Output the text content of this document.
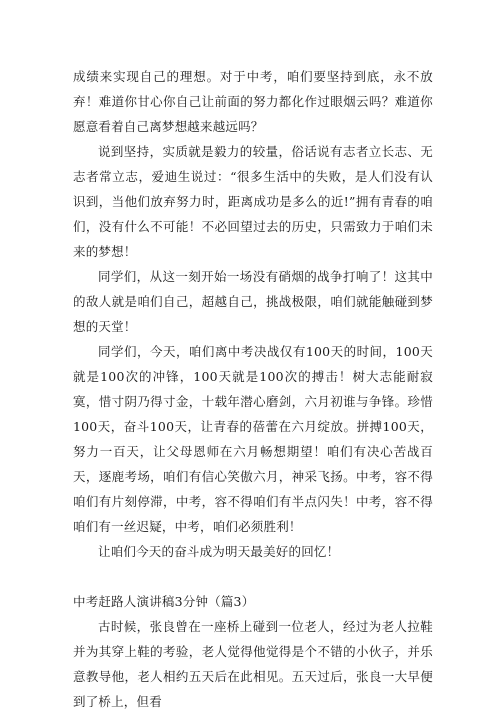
成绩来实现自己的理想。对于中考，咱们要坚持到底，永不放弃！难道你甘心你自己让前面的努力都化作过眼烟云吗？难道你愿意看着自己离梦想越来越远吗？

说到坚持，实质就是毅力的较量，俗话说有志者立长志、无志者常立志，爱迪生说过：“很多生活中的失败，是人们没有认识到，当他们放弃努力时，距离成功是多么的近!”拥有青春的咱们，没有什么不可能！不必回望过去的历史，只需致力于咱们未来的梦想！

同学们，从这一刻开始一场没有硝烟的战争打响了！这其中的敌人就是咱们自己，超越自己，挑战极限，咱们就能触碰到梦想的天堂！

同学们，今天，咱们离中考决战仅有100天的时间，100天就是100次的冲锋，100天就是100次的搏击！树大志能耐寂寞，惜寸阴乃得寸金，十载年潜心磨剑，六月初谁与争锋。珍惜100天，奋斗100天，让青春的蓓蕾在六月绽放。拼搏100天，努力一百天，让父母恩师在六月畅想期望！咱们有决心苦战百天，逐鹿考场，咱们有信心笑傲六月，神采飞扬。中考，容不得咱们有片刻停滞，中考，容不得咱们有半点闪失！中考，容不得咱们有一丝迟疑，中考，咱们必须胜利！

让咱们今天的奋斗成为明天最美好的回忆！

中考赶路人演讲稿3分钟（篇3）

古时候，张良曾在一座桥上碰到一位老人，经过为老人拉鞋并为其穿上鞋的考验，老人觉得他觉得是个不错的小伙子，并乐意教导他，老人相约五天后在此相见。五天过后，张良一大早便到了桥上，但看
